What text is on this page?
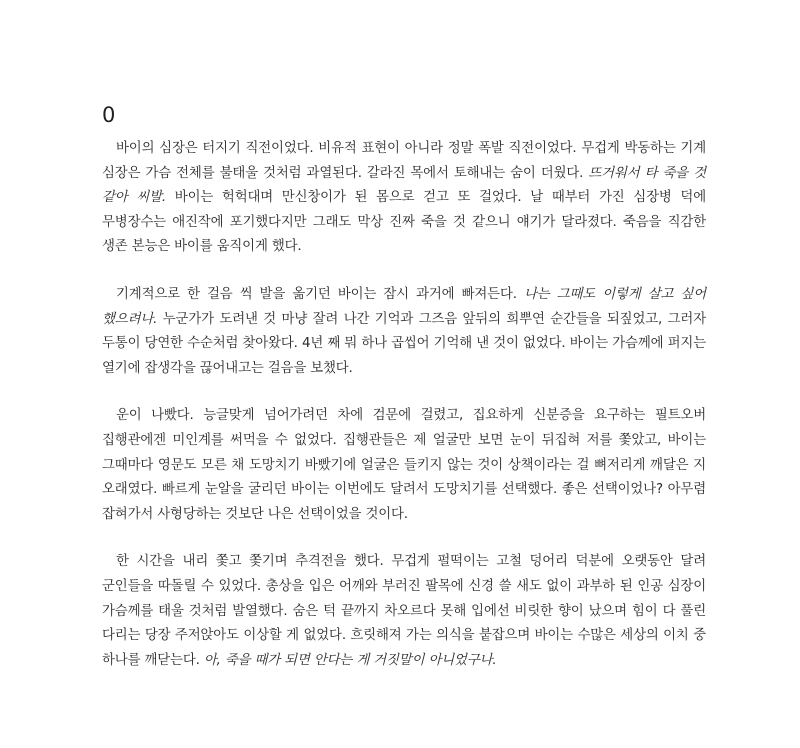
0

바이의 심장은 터지기 직전이었다. 비유적 표현이 아니라 정말 폭발 직전이었다. 무겁게 박동하는 기계 심장은 가슴 전체를 불태울 것처럼 과열된다. 갈라진 목에서 토해내는 숨이 더웠다. 뜨거워서 타 죽을 것 같아 씨발. 바이는 헉헉대며 만신창이가 된 몸으로 걷고 또 걸었다. 날 때부터 가진 심장병 덕에 무병장수는 애진작에 포기했다지만 그래도 막상 진짜 죽을 것 같으니 얘기가 달라졌다. 죽음을 직감한 생존 본능은 바이를 움직이게 했다.

기계적으로 한 걸음 씩 발을 옮기던 바이는 잠시 과거에 빠져든다. 나는 그때도 이렇게 살고 싶어 했으려나. 누군가가 도려낸 것 마냥 잘려 나간 기억과 그즈음 앞뒤의 희뿌연 순간들을 되짚었고, 그러자 두통이 당연한 수순처럼 찾아왔다. 4년 째 뭐 하나 곱씹어 기억해 낸 것이 없었다. 바이는 가슴께에 퍼지는 열기에 잡생각을 끊어내고는 걸음을 보챘다.

운이 나빴다. 능글맞게 넘어가려던 차에 검문에 걸렸고, 집요하게 신분증을 요구하는 필트오버 집행관에겐 미인계를 써먹을 수 없었다. 집행관들은 제 얼굴만 보면 눈이 뒤집혀 저를 쫓았고, 바이는 그때마다 영문도 모른 채 도망치기 바빴기에 얼굴은 들키지 않는 것이 상책이라는 걸 뼈저리게 깨달은 지 오래였다. 빠르게 눈알을 굴리던 바이는 이번에도 달려서 도망치기를 선택했다. 좋은 선택이었나? 아무렴 잡혀가서 사형당하는 것보단 나은 선택이었을 것이다.

한 시간을 내리 쫓고 쫓기며 추격전을 했다. 무겁게 펄떡이는 고철 덩어리 덕분에 오랫동안 달려 군인들을 따돌릴 수 있었다. 총상을 입은 어깨와 부러진 팔목에 신경 쓸 새도 없이 과부하 된 인공 심장이 가슴께를 태울 것처럼 발열했다. 숨은 턱 끝까지 차오르다 못해 입에선 비릿한 향이 났으며 힘이 다 풀린 다리는 당장 주저앉아도 이상할 게 없었다. 흐릿해져 가는 의식을 붙잡으며 바이는 수많은 세상의 이치 중 하나를 깨닫는다. 아, 죽을 때가 되면 안다는 게 거짓말이 아니었구나.
